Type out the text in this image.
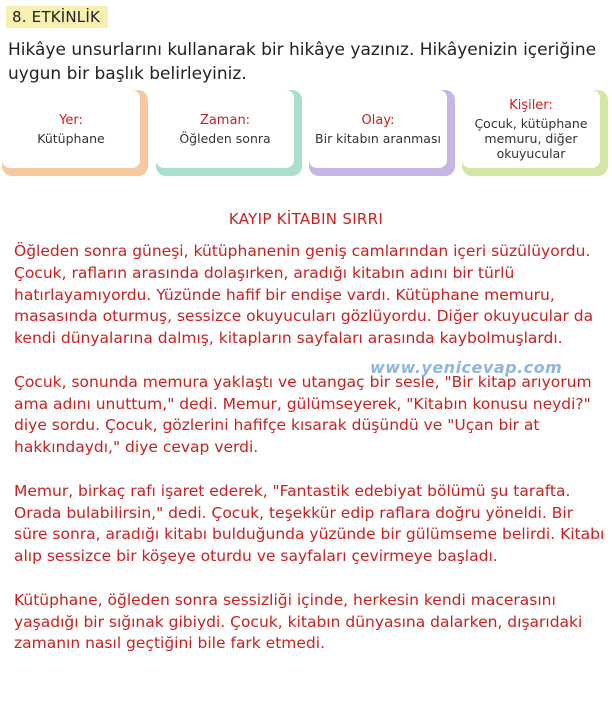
8. ETKİNLİK
Hikâye unsurlarını kullanarak bir hikâye yazınız. Hikâyenizin içeriğine uygun bir başlık belirleyiniz.
Yer:
Kütüphane
Zaman:
Öğleden sonra
Olay:
Bir kitabın aranması
Kişiler:
Çocuk, kütüphane memuru, diğer okuyucular
KAYIP KİTABIN SIRRI

Öğleden sonra güneşi, kütüphanenin geniş camlarından içeri süzülüyordu. Çocuk, rafların arasında dolaşırken, aradığı kitabın adını bir türlü hatırlayamıyordu. Yüzünde hafif bir endişe vardı. Kütüphane memuru, masasında oturmuş, sessizce okuyucuları gözlüyordu. Diğer okuyucular da kendi dünyalarına dalmış, kitapların sayfaları arasında kaybolmuşlardı.

Çocuk, sonunda memura yaklaştı ve utangaç bir sesle, "Bir kitap arıyorum ama adını unuttum," dedi. Memur, gülümseyerek, "Kitabın konusu neydi?" diye sordu. Çocuk, gözlerini hafifçe kısarak düşündü ve "Uçan bir at hakkındaydı," diye cevap verdi.

Memur, birkaç rafı işaret ederek, "Fantastik edebiyat bölümü şu tarafta. Orada bulabilirsin," dedi. Çocuk, teşekkür edip raflara doğru yöneldi. Bir süre sonra, aradığı kitabı bulduğunda yüzünde bir gülümseme belirdi. Kitabı alıp sessizce bir köşeye oturdu ve sayfaları çevirmeye başladı.

Kütüphane, öğleden sonra sessizliği içinde, herkesin kendi macerasını yaşadığı bir sığınak gibiydi. Çocuk, kitabın dünyasına dalarken, dışarıdaki zamanın nasıl geçtiğini bile fark etmedi.

www.yenicevap.com
